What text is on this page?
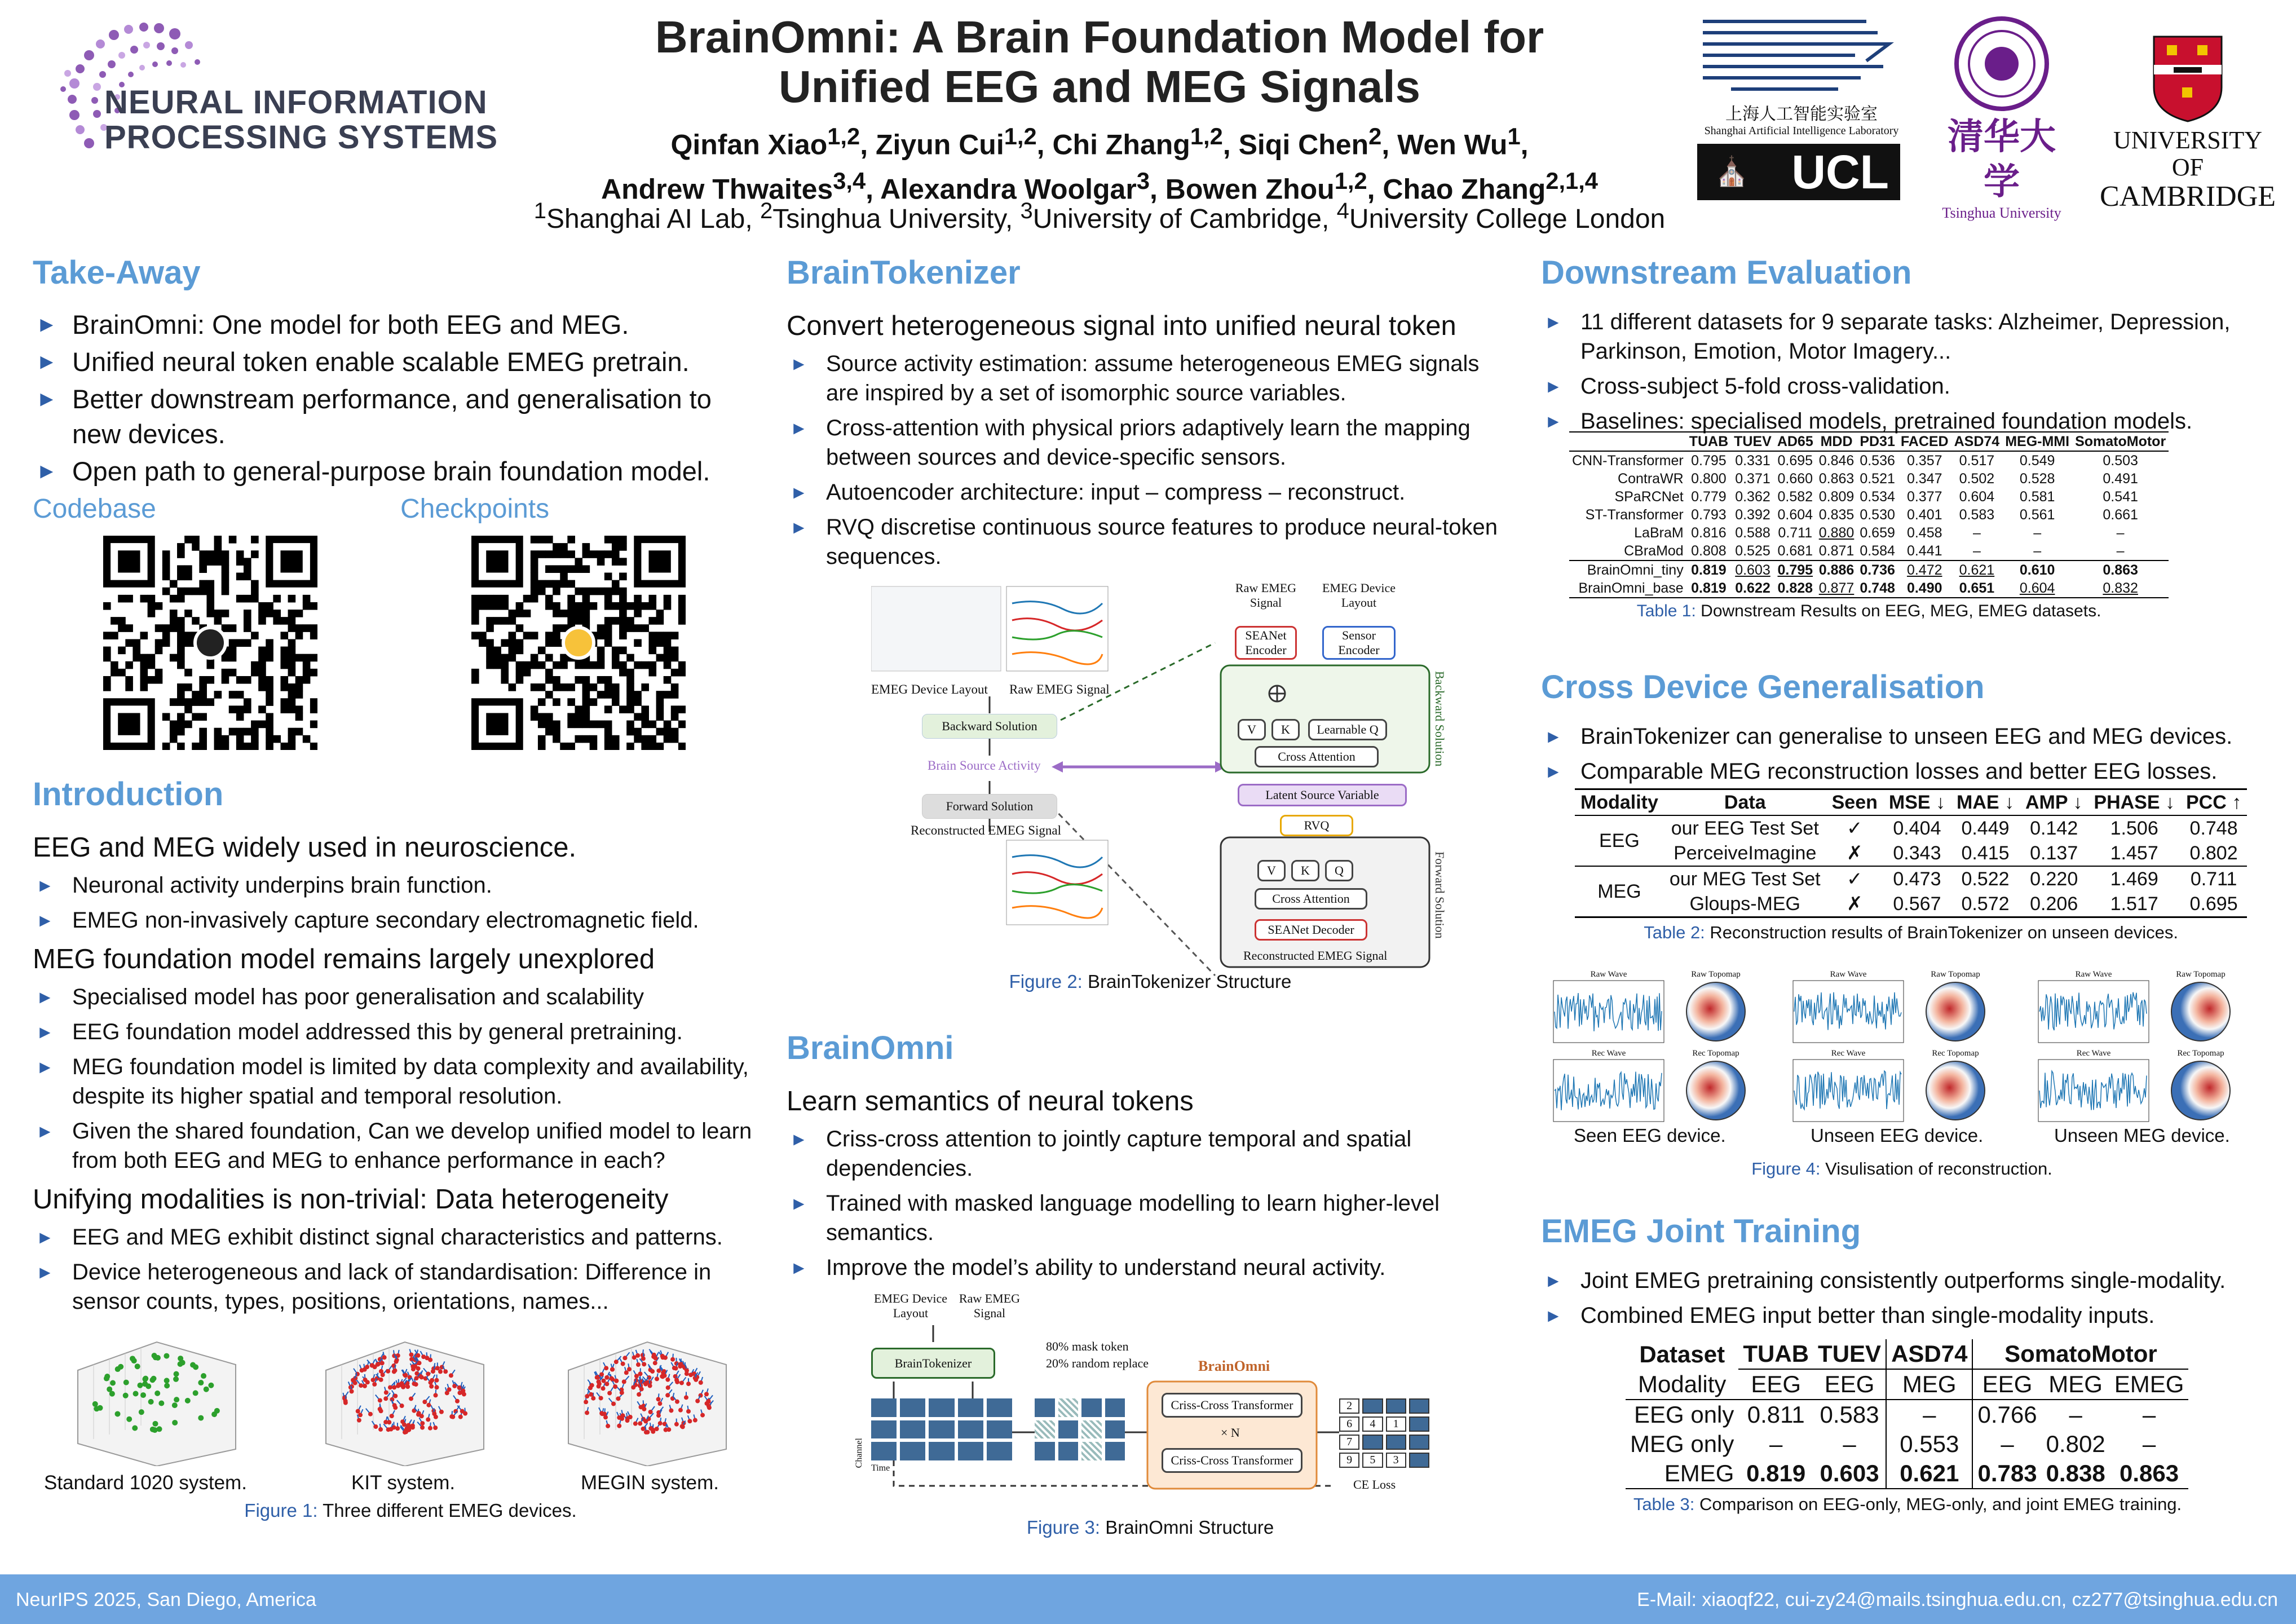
NEURAL INFORMATION
PROCESSING SYSTEMS
BrainOmni: A Brain Foundation Model for
Unified EEG and MEG Signals
Qinfan Xiao$^{1,2}$, Ziyun Cui$^{1,2}$, Chi Zhang$^{1,2}$, Siqi Chen$^2$, Wen Wu$^1$,
Andrew Thwaites$^{3,4}$, Alexandra Woolgar$^3$, Bowen Zhou$^{1,2}$, Chao Zhang$^{2,1,4}$
$^1$Shanghai AI Lab, $^2$Tsinghua University, $^3$University of Cambridge, $^4$University College London
上海人工智能实验室
Shanghai Artificial Intelligence Laboratory
⛪ UCL
清华大学
Tsinghua University
UNIVERSITY OF
CAMBRIDGE
Take-Away
► BrainOmni: One model for both EEG and MEG.
► Unified neural token enable scalable EMEG pretrain.
► Better downstream performance, and generalisation to new devices.
► Open path to general-purpose brain foundation model.
Codebase	Checkpoints
Introduction
EEG and MEG widely used in neuroscience.
► Neuronal activity underpins brain function.
► EMEG non-invasively capture secondary electromagnetic field.
MEG foundation model remains largely unexplored
► Specialised model has poor generalisation and scalability
► EEG foundation model addressed this by general pretraining.
► MEG foundation model is limited by data complexity and availability, despite its higher spatial and temporal resolution.
► Given the shared foundation, Can we develop unified model to learn from both EEG and MEG to enhance performance in each?
Unifying modalities is non-trivial: Data heterogeneity
► EEG and MEG exhibit distinct signal characteristics and patterns.
► Device heterogeneous and lack of standardisation: Difference in sensor counts, types, positions, orientations, names...
Standard 1020 system.	KIT system.	MEGIN system.
Figure 1: Three different EMEG devices.
BrainTokenizer
Convert heterogeneous signal into unified neural token
► Source activity estimation: assume heterogeneous EMEG signals are inspired by a set of isomorphic source variables.
► Cross-attention with physical priors adaptively learn the mapping between sources and device-specific sensors.
► Autoencoder architecture: input – compress – reconstruct.
► RVQ discretise continuous source features to produce neural-token sequences.
EMEG Device Layout Raw EMEG Signal
Backward Solution
Brain Source Activity
Forward Solution
Reconstructed EMEG Signal
Raw EMEG Signal
EMEG Device Layout
SEANet Encoder
Sensor Encoder
V	K	Learnable Q
Cross Attention
Latent Source Variable
RVQ
V	K	Q
Cross Attention
SEANet Decoder
Reconstructed EMEG Signal
Backward Solution
Forward Solution
Figure 2: BrainTokenizer Structure
BrainOmni
Learn semantics of neural tokens
► Criss-cross attention to jointly capture temporal and spatial dependencies.
► Trained with masked language modelling to learn higher-level semantics.
► Improve the model’s ability to understand neural activity.
EMEG Device Layout
Raw EMEG Signal
BrainTokenizer
80% mask token
20% random replace	BrainOmni
Criss-Cross Transformer
× N
Criss-Cross Transformer
2
6	4	1
7
9	5	3
CE Loss
Channel
Time
Figure 3: BrainOmni Structure
Downstream Evaluation
► 11 different datasets for 9 separate tasks: Alzheimer, Depression, Parkinson, Emotion, Motor Imagery...
► Cross-subject 5-fold cross-validation.
► Baselines: specialised models, pretrained foundation models.
	TUAB	TUEV	AD65	MDD	PD31	FACED	ASD74	MEG-MMI	SomatoMotor
CNN-Transformer	0.795	0.331	0.695	0.846	0.536	0.357	0.517	0.549	0.503
ContraWR	0.800	0.371	0.660	0.863	0.521	0.347	0.502	0.528	0.491
SPaRCNet	0.779	0.362	0.582	0.809	0.534	0.377	0.604	0.581	0.541
ST-Transformer	0.793	0.392	0.604	0.835	0.530	0.401	0.583	0.561	0.661
LaBraM	0.816	0.588	0.711	0.880	0.659	0.458	–	–	–
CBraMod	0.808	0.525	0.681	0.871	0.584	0.441	–	–	–
BrainOmni_tiny	0.819	0.603	0.795	0.886	0.736	0.472	0.621	0.610	0.863
BrainOmni_base	0.819	0.622	0.828	0.877	0.748	0.490	0.651	0.604	0.832
Table 1: Downstream Results on EEG, MEG, EMEG datasets.
Cross Device Generalisation
► BrainTokenizer can generalise to unseen EEG and MEG devices.
► Comparable MEG reconstruction losses and better EEG losses.
Modality	Data	Seen	MSE ↓	MAE ↓	AMP ↓	PHASE ↓	PCC ↑
EEG	our EEG Test Set	✓	0.404	0.449	0.142	1.506	0.748
	PerceiveImagine	✗	0.343	0.415	0.137	1.457	0.802
MEG	our MEG Test Set	✓	0.473	0.522	0.220	1.469	0.711
	Gloups-MEG	✗	0.567	0.572	0.206	1.517	0.695
Table 2: Reconstruction results of BrainTokenizer on unseen devices.
Raw Wave	Raw Topomap
Rec Wave	Rec Topomap
Raw Wave	Raw Topomap
Rec Wave	Rec Topomap
Raw Wave	Raw Topomap
Rec Wave	Rec Topomap
Seen EEG device.	Unseen EEG device.	Unseen MEG device.
Figure 4: Visulisation of reconstruction.
EMEG Joint Training
► Joint EMEG pretraining consistently outperforms single-modality.
► Combined EMEG input better than single-modality inputs.
Dataset	TUAB	TUEV	ASD74	SomatoMotor		
Modality	EEG	EEG	MEG	EEG	MEG	EMEG
EEG only	0.811	0.583	–	0.766	–	–
MEG only	–	–	0.553	–	0.802	–
EMEG	0.819	0.603	0.621	0.783	0.838	0.863
Table 3: Comparison on EEG-only, MEG-only, and joint EMEG training.
NeurIPS 2025, San Diego, America	E-Mail: xiaoqf22, cui-zy24@mails.tsinghua.edu.cn, cz277@tsinghua.edu.cn
